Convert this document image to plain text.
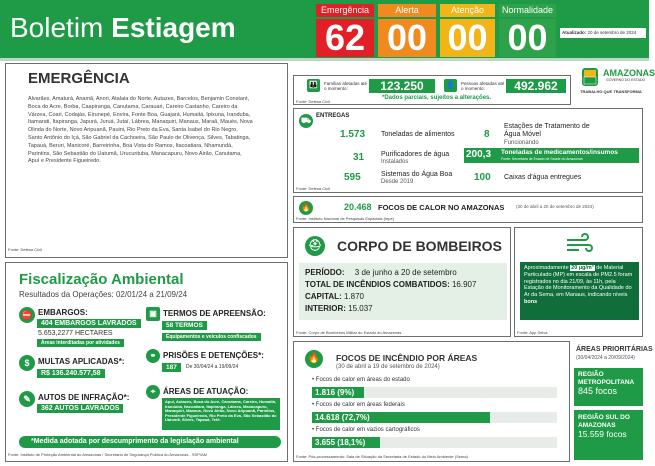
Boletim Estiagem
Emergência
62
Alerta
00
Atenção
00
Normalidade
00	Atualizado: 20 de setembro de 2024
EMERGÊNCIA
Alvarães, Amaturá, Anamã, Anori, Atalaia do Norte, Autazes, Barcelos, Benjamin Constant, Boca do Acre, Borba, Caapiranga, Canutama, Carauari, Careiro Castanho, Careiro da Várzea, Coari, Codajás, Eirunepé, Envira, Fonte Boa, Guajará, Humaitá, Ipixuna, Iranduba, Itamarati, Itapiranga, Japurá, Juruá, Jutaí, Lábrea, Manaquiri, Manaus, Maraã, Maués, Nova Olinda do Norte, Novo Aripuanã, Pauini, Rio Preto da Eva, Santa Isabel do Rio Negro, Santo Antônio do Içá, São Gabriel da Cachoeira, São Paulo de Olivença, Silves, Tabatinga, Tapauá, Beruri, Manicoré, Barreirinha, Boa Vista do Ramos, Itacoatiara, Nhamundá, Parintins, São Sebastião do Uatumã, Urucurituba, Manacapuru, Novo Airão, Canutama, Apuí e Presidente Figueiredo.
Fonte: Defesa Civil
Fiscalização Ambiental
Resultados da Operações: 02/01/24 a 21/09/24
⛔ EMBARGOS:
404 EMBARGOS LAVRADOS
5.653,2277 HECTARES
Áreas interditadas por atividades
$	MULTAS APLICADAS*:
R$ 136.240.577,58
✎ AUTOS DE INFRAÇÃO*:
362 AUTOS LAVRADOS
▣ TERMOS DE APREENSÃO:
58 TERMOS
Equipamentos e veículos confiscados
⚭ PRISÕES E DETENÇÕES*:
187	De 30/04/24 a 19/09/24
⌖ ÁREAS DE ATUAÇÃO:
Apuí, Autazes, Boca do Acre, Canutama, Careiro, Humaitá, Iranduba, Itacoatiara, Itapiranga, Lábrea, Manacapuru, Manaquiri, Manaus, Novo Airão, Novo Aripuanã, Parintins, Presidente Figueiredo, Rio Preto da Eva, São Sebastião do Uatumã, Silves, Tapauá, Tefé.
*Medida adotada por descumprimento da legislação ambiental
Fonte: Instituto de Proteção Ambiental do Amazonas / Secretaria de Segurança Pública do Amazonas - SSP/AM
👪	Famílias afetadas até o momento:	123.250	👤	Pessoas afetadas até o momento:	492.962
*Dados parciais, sujeitos a alterações.
Fonte: Defesa Civil
AMAZONAS
GOVERNO DO ESTADO
TRABALHO QUE TRANSFORMA
⛟ ENTREGAS
1.573 Toneladas de alimentos	8
Estações de Tratamento de Água Móvel
Funcionando
31 Purificadores de água
Instalados
200,3 Toneladas de medicamentos/insumos
Fonte: Secretaria de Estado de Saúde do Amazonas
595	Sistemas do Água Boa
Desde 2019	100 Caixas d'água entregues
Fonte: Defesa Civil
🔥	20.468 FOCOS DE CALOR NO AMAZONAS	(30 de abril a 20 de setembro de 2024)
Fonte: Instituto Nacional de Pesquisas Espaciais (Inpe)
⛑ CORPO DE BOMBEIROS
PERÍODO: 3 de junho a 20 de setembro
TOTAL DE INCÊNDIOS COMBATIDOS: 16.907
CAPITAL: 1.870
INTERIOR: 15.037
Fonte: Corpo de Bombeiros Militar do Estado do Amazonas
Aproximadamente 20 µg/m³ de Material Particulado (MP) em escala de PM2.5 foram registrados no dia 21/09, às 11h, pela Estação de Monitoramento da Qualidade do Ar da Sema, em Manaus, indicando níveis bons
Fonte: App Selva
🔥	FOCOS DE INCÊNDIO POR ÁREAS
(30 de abril a 19 de setembro de 2024)
• Focos de calor em áreas do estado
1.816 (9%)
• Focos de calor em áreas federais
14.618 (72,7%)
• Focos de calor em vazios cartográficos
3.655 (18,1%)
Fonte: Pós-processamento: Sala de Situação da Secretaria de Estado do Meio Ambiente (Sema)
ÁREAS PRIORITÁRIAS
(30/04/2024 a 20/09/2024)
REGIÃO METROPOLITANA
845 focos
REGIÃO SUL DO AMAZONAS
15.559 focos
